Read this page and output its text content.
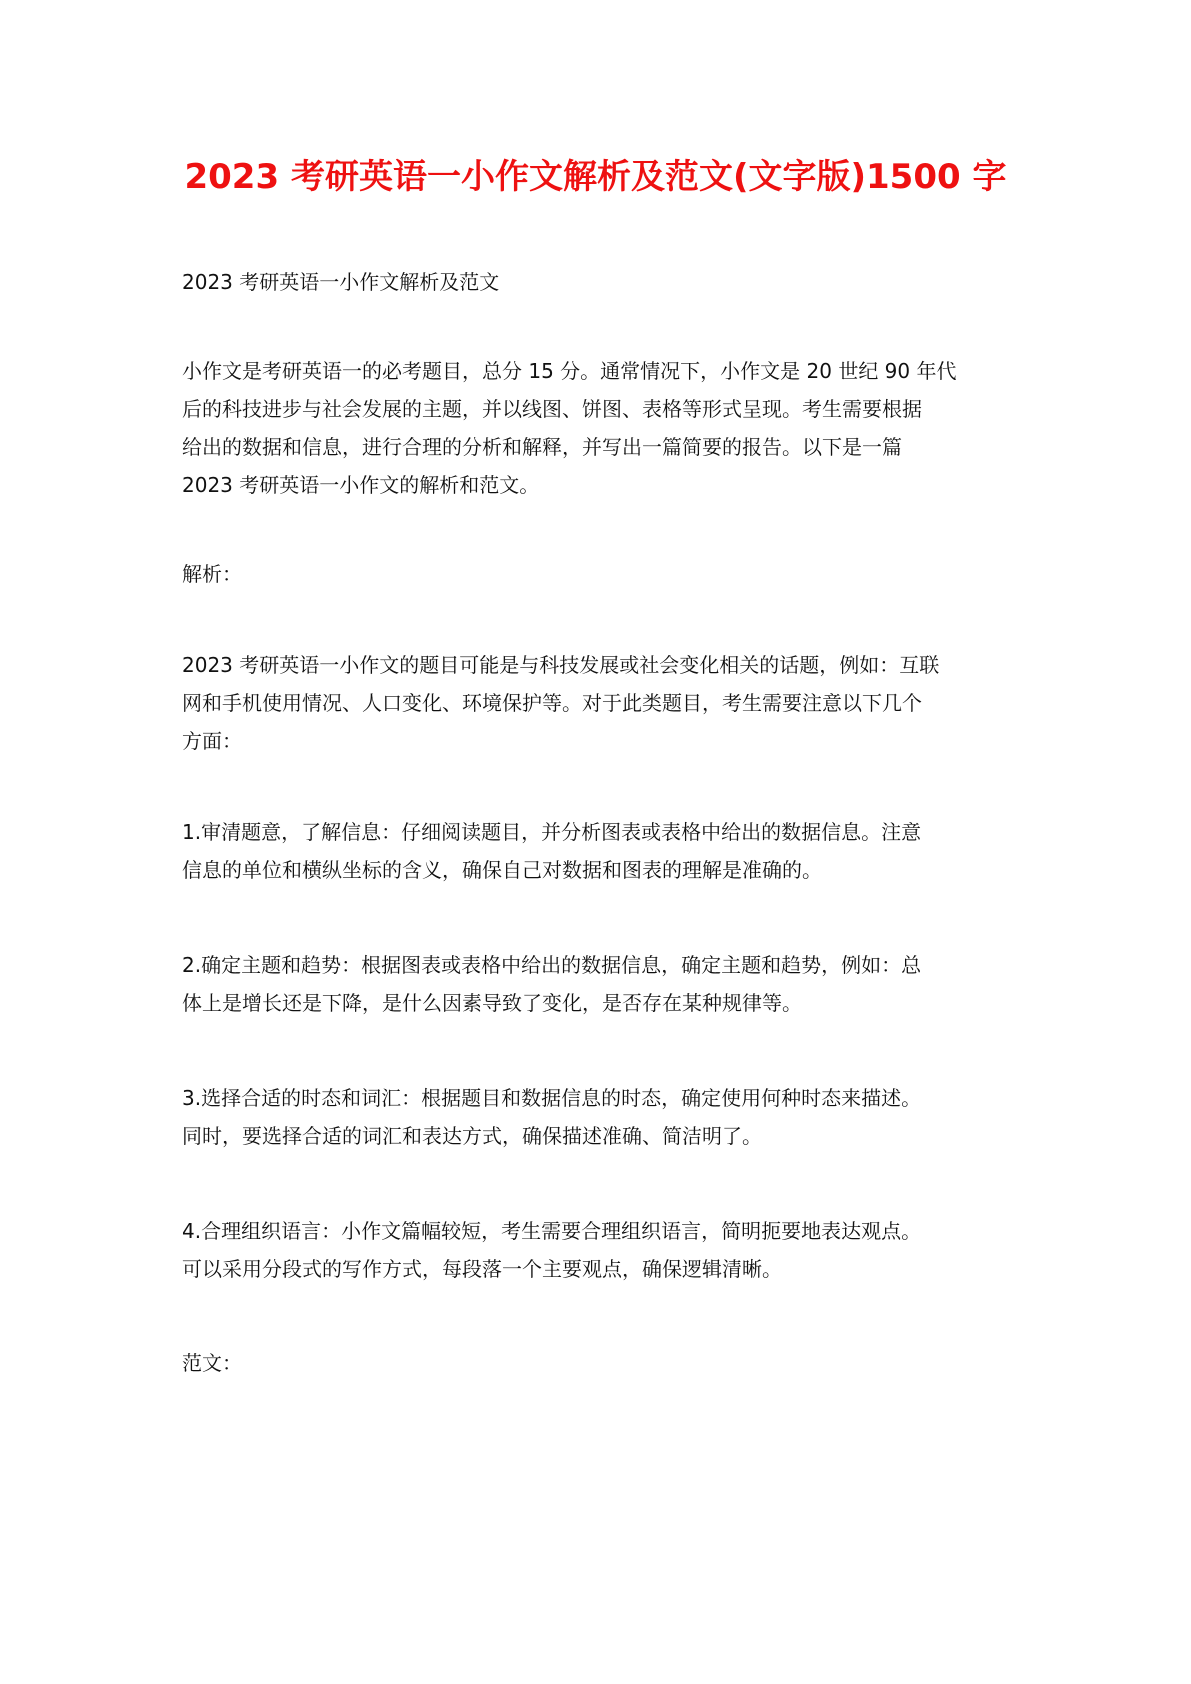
2023 考研英语一小作文解析及范文(文字版)1500 字

2023 考研英语一小作文解析及范文

小作文是考研英语一的必考题目，总分 15 分。通常情况下，小作文是 20 世纪 90 年代
后的科技进步与社会发展的主题，并以线图、饼图、表格等形式呈现。考生需要根据
给出的数据和信息，进行合理的分析和解释，并写出一篇简要的报告。以下是一篇
2023 考研英语一小作文的解析和范文。

解析：

2023 考研英语一小作文的题目可能是与科技发展或社会变化相关的话题，例如：互联
网和手机使用情况、人口变化、环境保护等。对于此类题目，考生需要注意以下几个
方面：

1.审清题意，了解信息：仔细阅读题目，并分析图表或表格中给出的数据信息。注意
信息的单位和横纵坐标的含义，确保自己对数据和图表的理解是准确的。

2.确定主题和趋势：根据图表或表格中给出的数据信息，确定主题和趋势，例如：总
体上是增长还是下降，是什么因素导致了变化，是否存在某种规律等。

3.选择合适的时态和词汇：根据题目和数据信息的时态，确定使用何种时态来描述。
同时，要选择合适的词汇和表达方式，确保描述准确、简洁明了。

4.合理组织语言：小作文篇幅较短，考生需要合理组织语言，简明扼要地表达观点。
可以采用分段式的写作方式，每段落一个主要观点，确保逻辑清晰。

范文：
